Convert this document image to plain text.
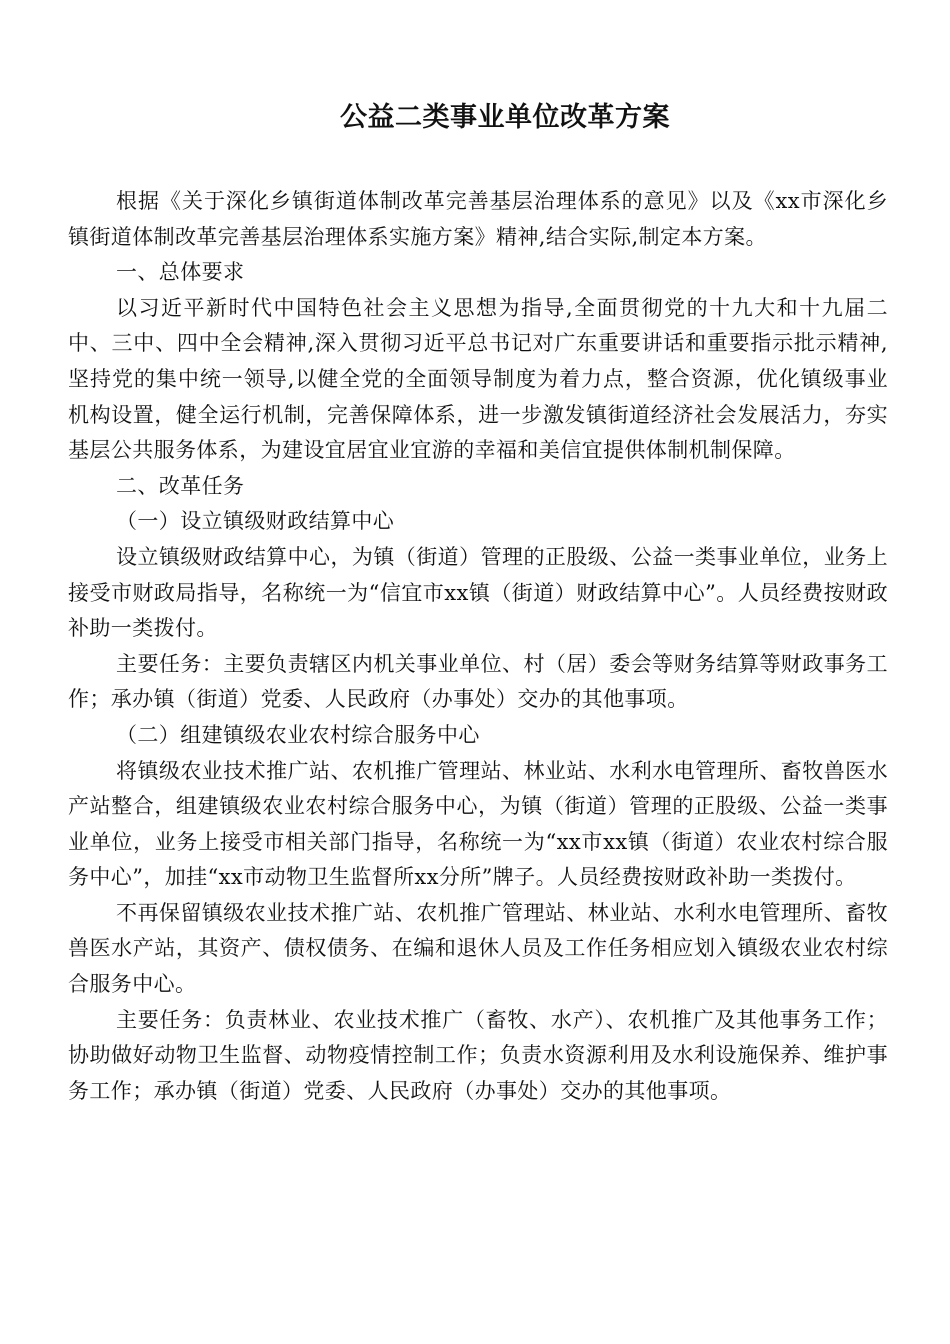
公益二类事业单位改革方案

根据《关于深化乡镇街道体制改革完善基层治理体系的意见》以及《xx市深化乡镇街道体制改革完善基层治理体系实施方案》精神,结合实际,制定本方案。

一、总体要求

以习近平新时代中国特色社会主义思想为指导,全面贯彻党的十九大和十九届二中、三中、四中全会精神,深入贯彻习近平总书记对广东重要讲话和重要指示批示精神,坚持党的集中统一领导,以健全党的全面领导制度为着力点，整合资源，优化镇级事业机构设置，健全运行机制，完善保障体系，进一步激发镇街道经济社会发展活力，夯实基层公共服务体系，为建设宜居宜业宜游的幸福和美信宜提供体制机制保障。

二、改革任务

（一）设立镇级财政结算中心

设立镇级财政结算中心，为镇（街道）管理的正股级、公益一类事业单位，业务上接受市财政局指导，名称统一为“信宜市xx镇（街道）财政结算中心”。人员经费按财政补助一类拨付。

主要任务：主要负责辖区内机关事业单位、村（居）委会等财务结算等财政事务工作；承办镇（街道）党委、人民政府（办事处）交办的其他事项。

（二）组建镇级农业农村综合服务中心

将镇级农业技术推广站、农机推广管理站、林业站、水利水电管理所、畜牧兽医水产站整合，组建镇级农业农村综合服务中心，为镇（街道）管理的正股级、公益一类事业单位，业务上接受市相关部门指导，名称统一为“xx市xx镇（街道）农业农村综合服务中心”，加挂“xx市动物卫生监督所xx分所”牌子。人员经费按财政补助一类拨付。

不再保留镇级农业技术推广站、农机推广管理站、林业站、水利水电管理所、畜牧兽医水产站，其资产、债权债务、在编和退休人员及工作任务相应划入镇级农业农村综合服务中心。

主要任务：负责林业、农业技术推广（畜牧、水产）、农机推广及其他事务工作；协助做好动物卫生监督、动物疫情控制工作；负责水资源利用及水利设施保养、维护事务工作；承办镇（街道）党委、人民政府（办事处）交办的其他事项。
